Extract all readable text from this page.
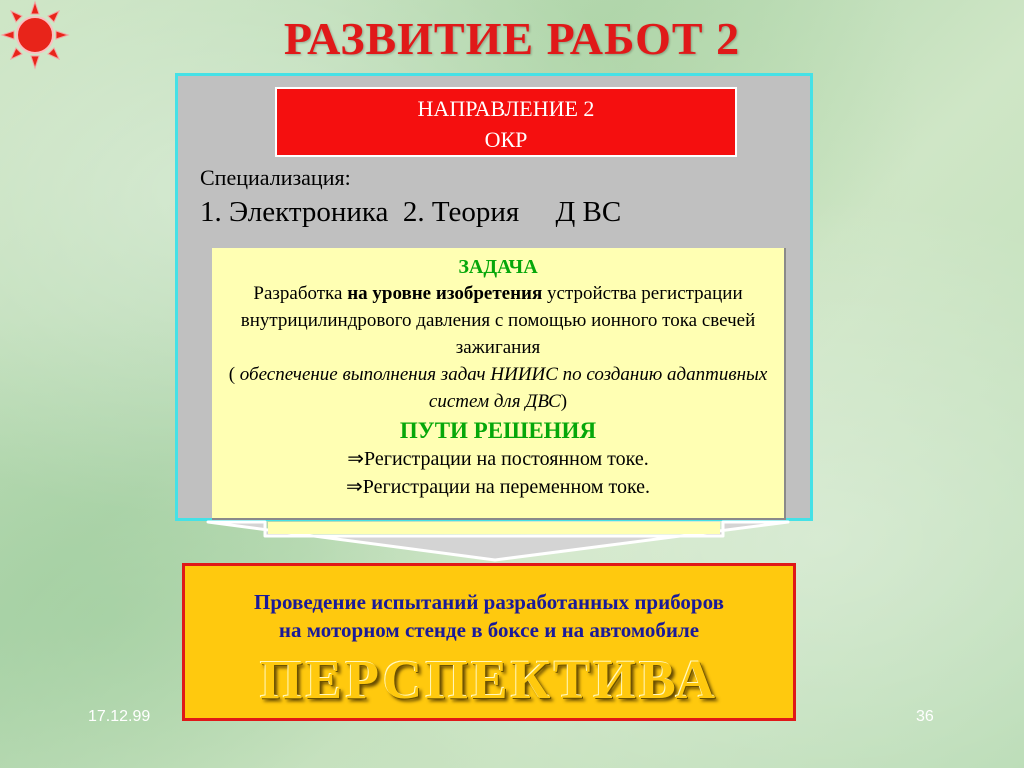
РАЗВИТИЕ РАБОТ 2
НАПРАВЛЕНИЕ 2
ОКР
Специализация:
1. Электроника  2. Теория     Д ВС
ЗАДАЧА
Разработка на уровне изобретения устройства регистрации внутрицилиндрового давления с помощью ионного тока свечей зажигания
( обеспечение выполнения задач НИИИС по созданию адаптивных систем для ДВС)
ПУТИ РЕШЕНИЯ
⇒Регистрации на постоянном токе.
⇒Регистрации на переменном токе.
Проведение испытаний разработанных приборов
на моторном стенде в боксе и на автомобиле
ПЕРСПЕКТИВА
17.12.99	36
